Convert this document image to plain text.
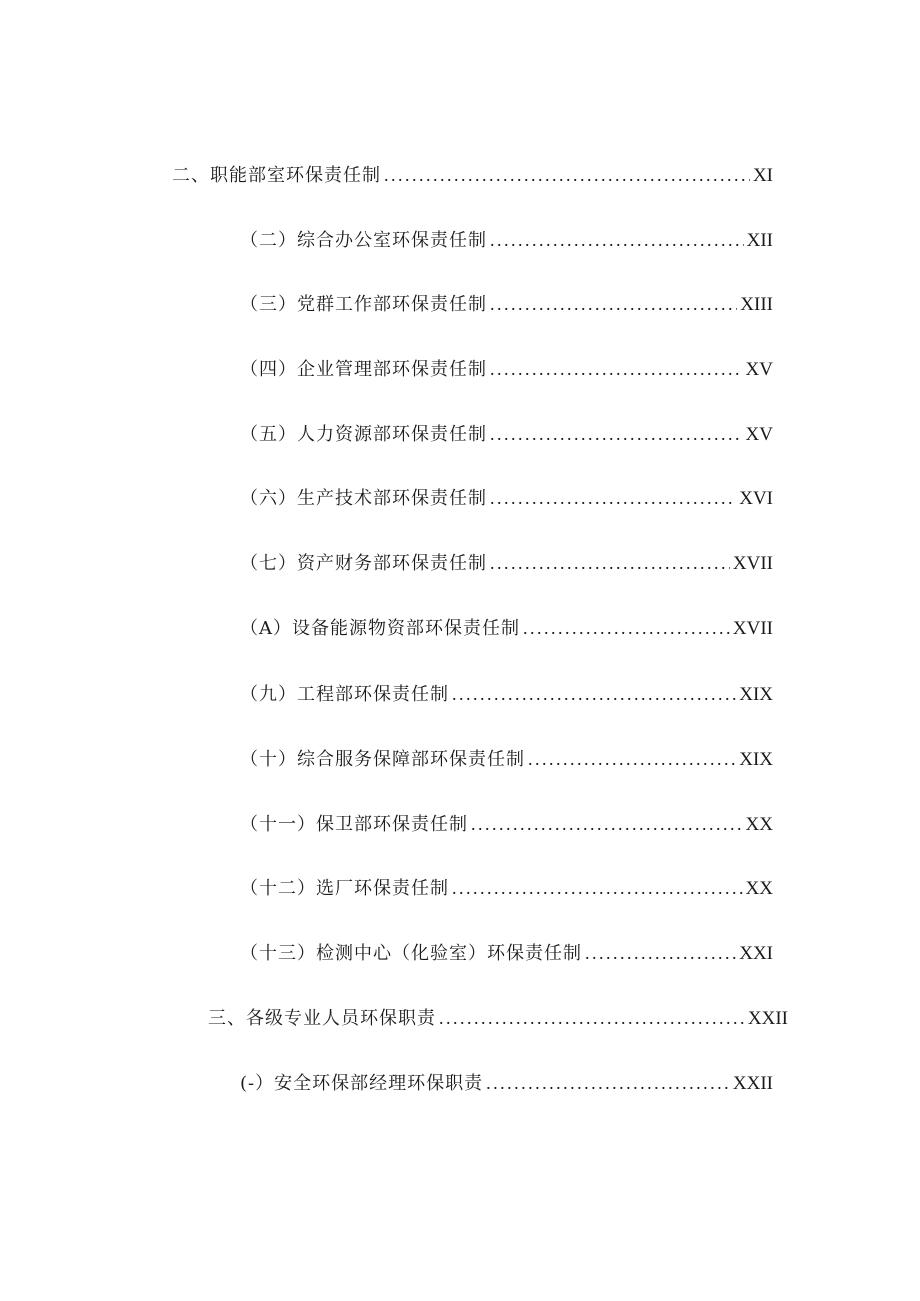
二、职能部室环保责任制 .....	XI
（二）综合办公室环保责任制 .....	XII
（三）党群工作部环保责任制 .....	XIII
（四）企业管理部环保责任制 .....	XV
（五）人力资源部环保责任制 .....	XV
（六）生产技术部环保责任制 .....	XVI
（七）资产财务部环保责任制 .....	XVII
（A）设备能源物资部环保责任制 .....	XVII
（九）工程部环保责任制 .....	XIX
（十）综合服务保障部环保责任制 .....	XIX
（十一）保卫部环保责任制 .....	XX
（十二）选厂环保责任制 .....	XX
（十三）检测中心（化验室）环保责任制 .....	XXI
三、各级专业人员环保职责 .....	XXII
(-）安全环保部经理环保职责 .....	XXII
